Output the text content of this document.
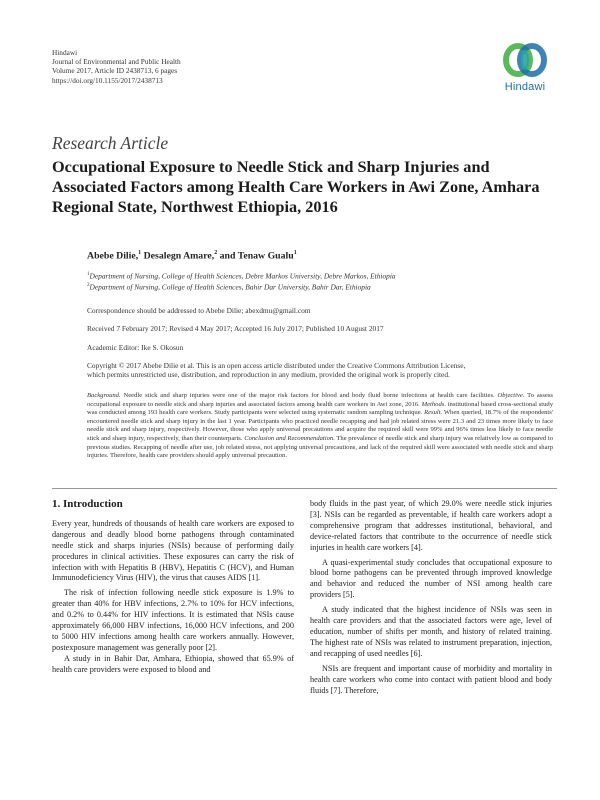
Hindawi
Journal of Environmental and Public Health
Volume 2017, Article ID 2438713, 6 pages
https://doi.org/10.1155/2017/2438713
Hindawi
Research Article
Occupational Exposure to Needle Stick and Sharp Injuries and Associated Factors among Health Care Workers in Awi Zone, Amhara Regional State, Northwest Ethiopia, 2016
Abebe Dilie,$^1$ Desalegn Amare,$^2$ and Tenaw Gualu$^1$
$^1$Department of Nursing, College of Health Sciences, Debre Markos University, Debre Markos, Ethiopia
$^2$Department of Nursing, College of Health Sciences, Bahir Dar University, Bahir Dar, Ethiopia
Correspondence should be addressed to Abebe Dilie; abexdmu@gmail.com
Received 7 February 2017; Revised 4 May 2017; Accepted 16 July 2017; Published 10 August 2017
Academic Editor: Ike S. Okosun
Copyright © 2017 Abebe Dilie et al. This is an open access article distributed under the Creative Commons Attribution License,
which permits unrestricted use, distribution, and reproduction in any medium, provided the original work is properly cited.
Background. Needle stick and sharp injuries were one of the major risk factors for blood and body fluid borne infections at health care facilities. Objective. To assess occupational exposure to needle stick and sharp injuries and associated factors among health care workers in Awi zone, 2016. Methods. institutional based cross-sectional study was conducted among 193 health care workers. Study participants were selected using systematic random sampling technique. Result. When queried, 18.7% of the respondents' encountered needle stick and sharp injury in the last 1 year. Participants who practiced needle recapping and had job related stress were 21.3 and 23 times more likely to face needle stick and sharp injury, respectively. However, those who apply universal precautions and acquire the required skill were 99% and 96% times less likely to face needle stick and sharp injury, respectively, than their counterparts. Conclusion and Recommendation. The prevalence of needle stick and sharp injury was relatively low as compared to previous studies. Recapping of needle after use, job related stress, not applying universal precautions, and lack of the required skill were associated with needle stick and sharp injuries. Therefore, health care providers should apply universal precaution.
1. Introduction

Every year, hundreds of thousands of health care workers are exposed to dangerous and deadly blood borne pathogens through contaminated needle stick and sharps injuries (NSIs) because of performing daily procedures in clinical activities. These exposures can carry the risk of infection with with Hepatitis B (HBV), Hepatitis C (HCV), and Human Immunodeficiency Virus (HIV), the virus that causes AIDS [1].

The risk of infection following needle stick exposure is 1.9% to greater than 40% for HBV infections, 2.7% to 10% for HCV infections, and 0.2% to 0.44% for HIV infections. It is estimated that NSIs cause approximately 66,000 HBV infections, 16,000 HCV infections, and 200 to 5000 HIV infections among health care workers annually. However, postexposure management was generally poor [2].

A study in in Bahir Dar, Amhara, Ethiopia, showed that 65.9% of health care providers were exposed to blood and

body fluids in the past year, of which 29.0% were needle stick injuries [3]. NSIs can be regarded as preventable, if health care workers adopt a comprehensive program that addresses institutional, behavioral, and device-related factors that contribute to the occurrence of needle stick injuries in health care workers [4].

A quasi-experimental study concludes that occupational exposure to blood borne pathogens can be prevented through improved knowledge and behavior and reduced the number of NSI among health care providers [5].

A study indicated that the highest incidence of NSIs was seen in health care providers and that the associated factors were age, level of education, number of shifts per month, and history of related training. The highest rate of NSIs was related to instrument preparation, injection, and recapping of used needles [6].

NSIs are frequent and important cause of morbidity and mortality in health care workers who come into contact with patient blood and body fluids [7]. Therefore,
